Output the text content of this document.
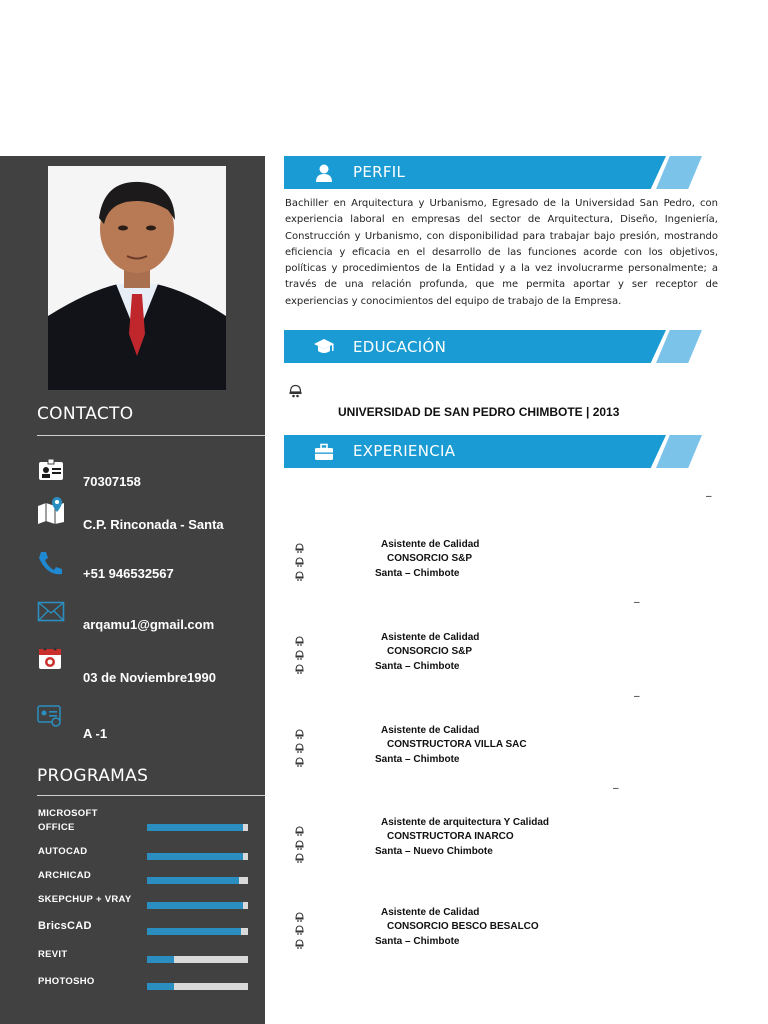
CONTACTO
70307158
C.P. Rinconada - Santa
+51 946532567
arqamu1@gmail.com
03 de Noviembre1990
A -1
PROGRAMAS
MICROSOFT OFFICE
AUTOCAD
ARCHICAD
SKEPCHUP + VRAY
BricsCAD
REVIT
PHOTOSHO
PERFIL
Bachiller en Arquitectura y Urbanismo, Egresado de la Universidad San Pedro, con experiencia laboral en empresas del sector de Arquitectura, Diseño, Ingeniería, Construcción y Urbanismo, con disponibilidad para trabajar bajo presión, mostrando eficiencia y eficacia en el desarrollo de las funciones acorde con los objetivos, políticas y procedimientos de la Entidad y a la vez involucrarme personalmente; a través de una relación profunda, que me permita aportar y ser receptor de experiencias y conocimientos del equipo de trabajo de la Empresa.
EDUCACIÓN
UNIVERSIDAD DE SAN PEDRO CHIMBOTE | 2013
EXPERIENCIA
–
Asistente de Calidad
CONSORCIO S&P
Santa – Chimbote
–
Asistente de Calidad
CONSORCIO S&P
Santa – Chimbote
–
Asistente de Calidad
CONSTRUCTORA VILLA SAC
Santa – Chimbote
–
Asistente de arquitectura Y Calidad
CONSTRUCTORA INARCO
Santa – Nuevo Chimbote
Asistente de Calidad
CONSORCIO BESCO BESALCO
Santa – Chimbote
